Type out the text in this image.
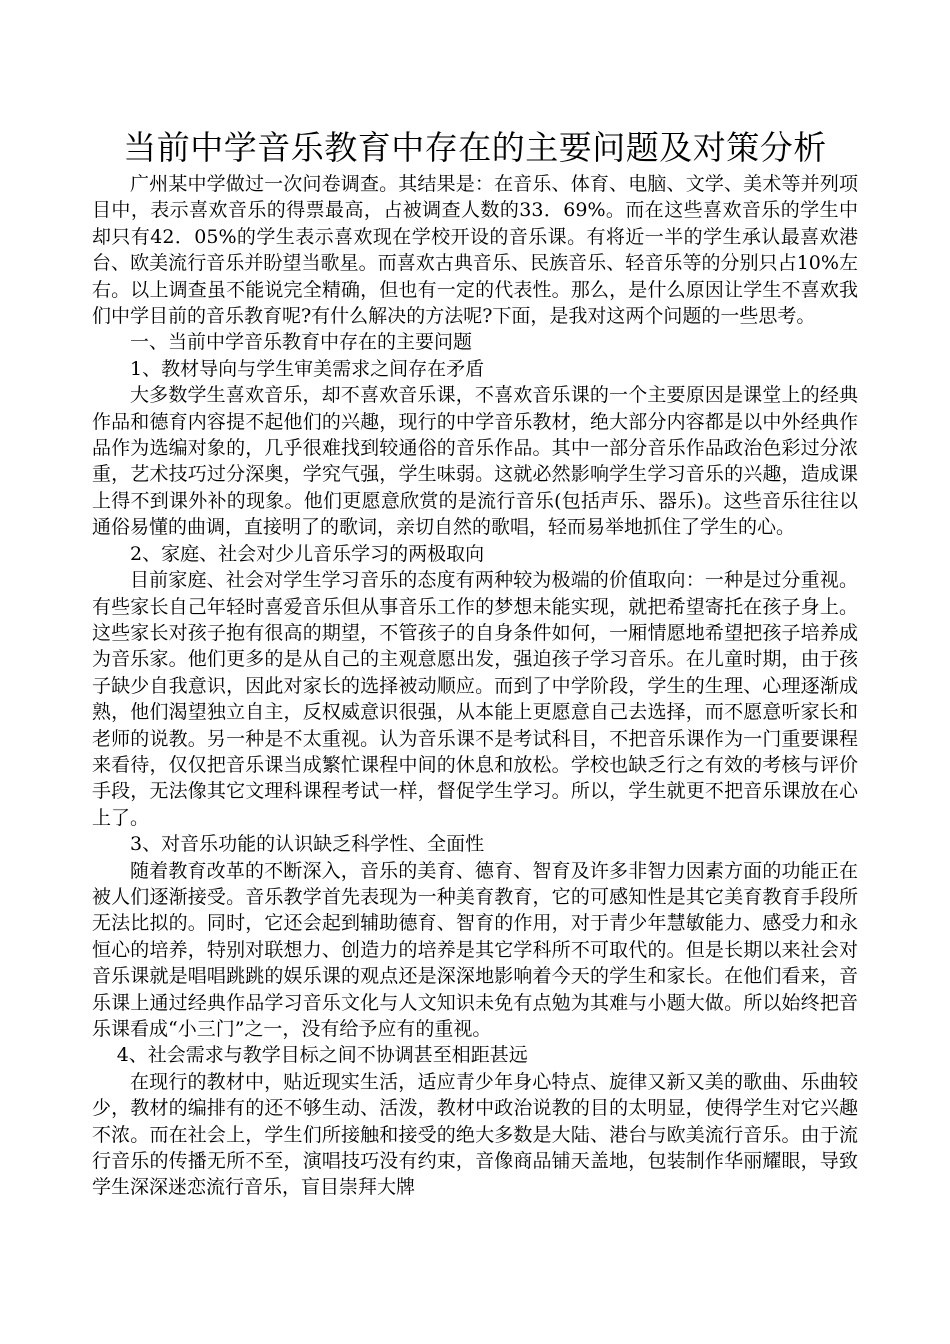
当前中学音乐教育中存在的主要问题及对策分析

广州某中学做过一次问卷调查。其结果是：在音乐、体育、电脑、文学、美术等并列项目中，表示喜欢音乐的得票最高，占被调查人数的33．69%。而在这些喜欢音乐的学生中却只有42．05%的学生表示喜欢现在学校开设的音乐课。有将近一半的学生承认最喜欢港台、欧美流行音乐并盼望当歌星。而喜欢古典音乐、民族音乐、轻音乐等的分别只占10%左右。以上调查虽不能说完全精确，但也有一定的代表性。那么，是什么原因让学生不喜欢我们中学目前的音乐教育呢?有什么解决的方法呢?下面，是我对这两个问题的一些思考。

一、当前中学音乐教育中存在的主要问题

1、教材导向与学生审美需求之间存在矛盾

大多数学生喜欢音乐，却不喜欢音乐课，不喜欢音乐课的一个主要原因是课堂上的经典作品和德育内容提不起他们的兴趣，现行的中学音乐教材，绝大部分内容都是以中外经典作品作为选编对象的，几乎很难找到较通俗的音乐作品。其中一部分音乐作品政治色彩过分浓重，艺术技巧过分深奥，学究气强，学生味弱。这就必然影响学生学习音乐的兴趣，造成课上得不到课外补的现象。他们更愿意欣赏的是流行音乐(包括声乐、器乐)。这些音乐往往以通俗易懂的曲调，直接明了的歌词，亲切自然的歌唱，轻而易举地抓住了学生的心。

2、家庭、社会对少儿音乐学习的两极取向

目前家庭、社会对学生学习音乐的态度有两种较为极端的价值取向：一种是过分重视。有些家长自己年轻时喜爱音乐但从事音乐工作的梦想未能实现，就把希望寄托在孩子身上。这些家长对孩子抱有很高的期望，不管孩子的自身条件如何，一厢情愿地希望把孩子培养成为音乐家。他们更多的是从自己的主观意愿出发，强迫孩子学习音乐。在儿童时期，由于孩子缺少自我意识，因此对家长的选择被动顺应。而到了中学阶段，学生的生理、心理逐渐成熟，他们渴望独立自主，反权威意识很强，从本能上更愿意自己去选择，而不愿意听家长和老师的说教。另一种是不太重视。认为音乐课不是考试科目，不把音乐课作为一门重要课程来看待，仅仅把音乐课当成繁忙课程中间的休息和放松。学校也缺乏行之有效的考核与评价手段，无法像其它文理科课程考试一样，督促学生学习。所以，学生就更不把音乐课放在心上了。

3、对音乐功能的认识缺乏科学性、全面性

随着教育改革的不断深入，音乐的美育、德育、智育及许多非智力因素方面的功能正在被人们逐渐接受。音乐教学首先表现为一种美育教育，它的可感知性是其它美育教育手段所无法比拟的。同时，它还会起到辅助德育、智育的作用，对于青少年慧敏能力、感受力和永恒心的培养，特别对联想力、创造力的培养是其它学科所不可取代的。但是长期以来社会对音乐课就是唱唱跳跳的娱乐课的观点还是深深地影响着今天的学生和家长。在他们看来，音乐课上通过经典作品学习音乐文化与人文知识未免有点勉为其难与小题大做。所以始终把音乐课看成“小三门”之一，没有给予应有的重视。

4、社会需求与教学目标之间不协调甚至相距甚远

在现行的教材中，贴近现实生活，适应青少年身心特点、旋律又新又美的歌曲、乐曲较少，教材的编排有的还不够生动、活泼，教材中政治说教的目的太明显，使得学生对它兴趣不浓。而在社会上，学生们所接触和接受的绝大多数是大陆、港台与欧美流行音乐。由于流行音乐的传播无所不至，演唱技巧没有约束，音像商品铺天盖地，包装制作华丽耀眼，导致学生深深迷恋流行音乐，盲目崇拜大牌
